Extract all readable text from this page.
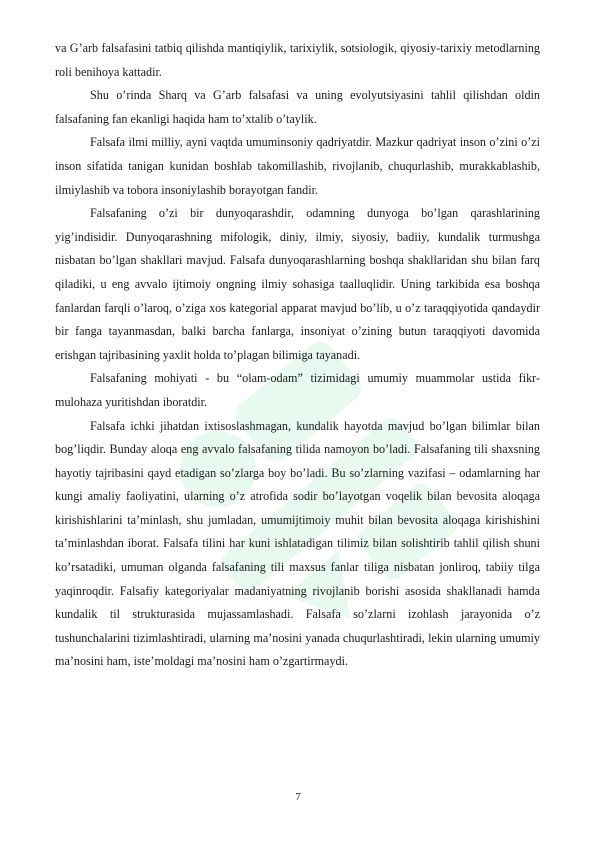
va G’arb falsafasini tatbiq qilishda mantiqiylik, tarixiylik, sotsiologik, qiyosiy-tarixiy metodlarning roli benihoya kattadir.

Shu o’rinda Sharq va G’arb falsafasi va uning evolyutsiyasini tahlil qilishdan oldin falsafaning fan ekanligi haqida ham to’xtalib o’taylik.

Falsafa ilmi milliy, ayni vaqtda umuminsoniy qadriyatdir. Mazkur qadriyat inson o’zini o’zi inson sifatida tanigan kunidan boshlab takomillashib, rivojlanib, chuqurlashib, murakkablashib, ilmiylashib va tobora insoniylashib borayotgan fandir.

Falsafaning o’zi bir dunyoqarashdir, odamning dunyoga bo’lgan qarashlarining yig’indisidir. Dunyoqarashning mifologik, diniy, ilmiy, siyosiy, badiiy, kundalik turmushga nisbatan bo’lgan shakllari mavjud. Falsafa dunyoqarashlarning boshqa shakllaridan shu bilan farq qiladiki, u eng avvalo ijtimoiy ongning ilmiy sohasiga taalluqlidir. Uning tarkibida esa boshqa fanlardan farqli o’laroq, o’ziga xos kategorial apparat mavjud bo’lib, u o’z taraqqiyotida qandaydir bir fanga tayanmasdan, balki barcha fanlarga, insoniyat o’zining butun taraqqiyoti davomida erishgan tajribasining yaxlit holda to’plagan bilimiga tayanadi.

Falsafaning mohiyati - bu “olam-odam” tizimidagi umumiy muammolar ustida fikr-mulohaza yuritishdan iboratdir.

Falsafa ichki jihatdan ixtisoslashmagan, kundalik hayotda mavjud bo’lgan bilimlar bilan bog’liqdir. Bunday aloqa eng avvalo falsafaning tilida namoyon bo’ladi. Falsafaning tili shaxsning hayotiy tajribasini qayd etadigan so’zlarga boy bo’ladi. Bu so’zlarning vazifasi – odamlarning har kungi amaliy faoliyatini, ularning o’z atrofida sodir bo’layotgan voqelik bilan bevosita aloqaga kirishishlarini ta’minlash, shu jumladan, umumijtimoiy muhit bilan bevosita aloqaga kirishishini ta’minlashdan iborat. Falsafa tilini har kuni ishlatadigan tilimiz bilan solishtirib tahlil qilish shuni ko’rsatadiki, umuman olganda falsafaning tili maxsus fanlar tiliga nisbatan jonliroq, tabiiy tilga yaqinroqdir. Falsafiy kategoriyalar madaniyatning rivojlanib borishi asosida shakllanadi hamda kundalik til strukturasida mujassamlashadi. Falsafa so’zlarni izohlash jarayonida o’z tushunchalarini tizimlashtiradi, ularning ma’nosini yanada chuqurlashtiradi, lekin ularning umumiy ma’nosini ham, iste’moldagi ma’nosini ham o’zgartirmaydi.

7
